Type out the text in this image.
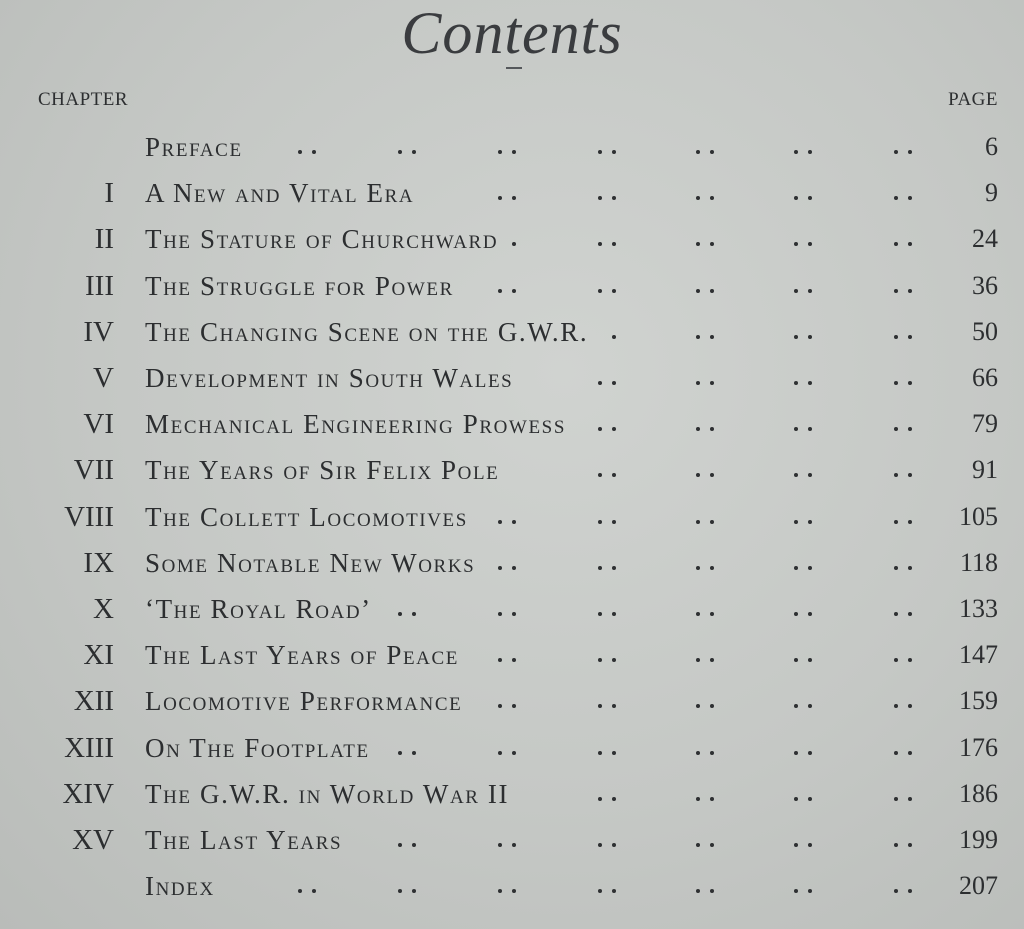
Contents
CHAPTER	PAGE
Preface	6
I A New and Vital Era	9
II The Stature of Churchward	24
III The Struggle for Power	36
IV The Changing Scene on the G.W.R.	50
V Development in South Wales	66
VI Mechanical Engineering Prowess	79
VII The Years of Sir Felix Pole	91
VIII The Collett Locomotives	105
IX Some Notable New Works	118
X ‘The Royal Road’	133
XI The Last Years of Peace	147
XII Locomotive Performance	159
XIII On The Footplate	176
XIV The G.W.R. in World War II	186
XV The Last Years	199
Index	207
